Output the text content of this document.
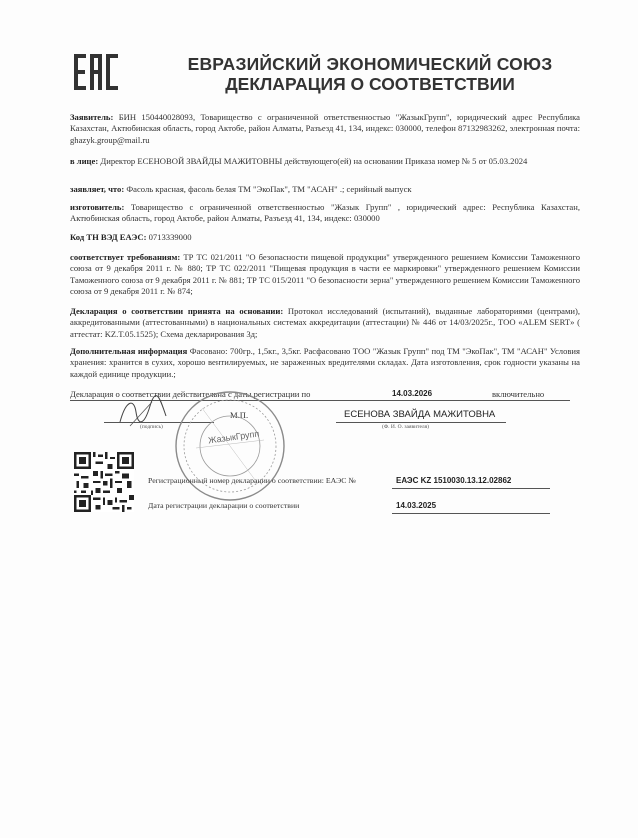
ЕВРАЗИЙСКИЙ ЭКОНОМИЧЕСКИЙ СОЮЗ
ДЕКЛАРАЦИЯ О СООТВЕТСТВИИ
Заявитель: БИН 150440028093, Товарищество с ограниченной ответственностью "ЖазыкГрупп", юридический адрес Республика Казахстан, Актюбинская область, город Актобе, район Алматы, Разъезд 41, 134, индекс: 030000, телефон 87132983262, электронная почта: ghazyk.group@mail.ru
в лице: Директор ЕСЕНОВОЙ ЗВАЙДЫ МАЖИТОВНЫ действующего(ей) на основании Приказа номер № 5 от 05.03.2024
заявляет, что: Фасоль красная, фасоль белая ТМ "ЭкоПак", ТМ "АСАН" .; серийный выпуск
изготовитель: Товарищество с ограниченной ответственностью "Жазык Групп" , юридический адрес: Республика Казахстан, Актюбинская область, город Актобе, район Алматы, Разъезд 41, 134, индекс: 030000
Код ТН ВЭД ЕАЭС: 0713339000
соответствует требованиям: ТР ТС 021/2011 "О безопасности пищевой продукции" утвержденного решением Комиссии Таможенного союза от 9 декабря 2011 г. № 880; ТР ТС 022/2011 "Пищевая продукция в части ее маркировки" утвержденного решением Комиссии Таможенного союза от 9 декабря 2011 г. № 881; ТР ТС 015/2011 "О безопасности зерна" утвержденного решением Комиссии Таможенного союза от 9 декабря 2011 г. № 874;
Декларация о соответствии принята на основании: Протокол исследований (испытаний), выданные лабораториями (центрами), аккредитованными (аттестованными) в национальных системах аккредитации (аттестации) № 446 от 14/03/2025г., ТОО «ALEM SERT» ( аттестат: KZ.T.05.1525); Схема декларирования 3д;
Дополнительная информация Фасовано: 700гр., 1,5кг., 3,5кг. Расфасовано ТОО "Жазык Групп" под ТМ "ЭкоПак", ТМ "АСАН" Условия хранения: хранится в сухих, хорошо вентилируемых, не зараженных вредителями складах. Дата изготовления, срок годности указаны на каждой единице продукции.;
Декларация о соответствии действительна с даты регистрации по	14.03.2026	включительно
(подпись)
М.П.	ЕСЕНОВА ЗВАЙДА МАЖИТОВНА
(Ф. И. О. заявителя)
ЖазыкГрупп
Регистрационный номер декларации о соответствии: ЕАЭС №	ЕАЭС KZ 1510030.13.12.02862
Дата регистрации декларации о соответствии	14.03.2025
